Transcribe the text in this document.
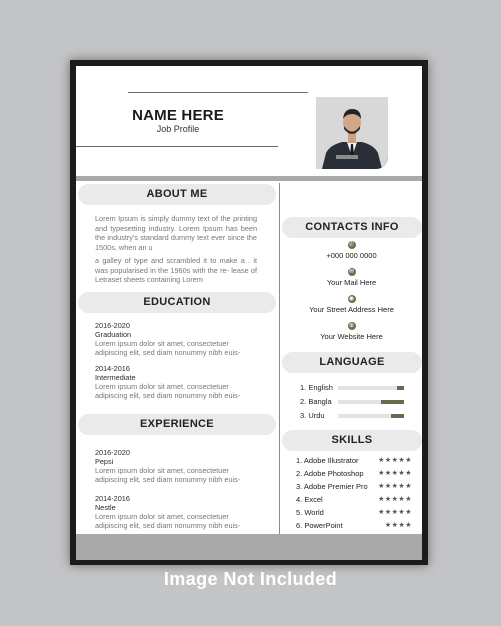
NAME HERE
Job Profile
ABOUT ME
Lorem Ipsum is simply dummy text of the printing and typesetting industry. Lorem Ipsum has been the industry's standard dummy text ever since the 1500s, when an u
a galley of type and scrambled it to make a . it was popularised in the 1960s with the re- lease of Letraset sheets containing Lorem
EDUCATION
2016-2020
Graduation
Lorem ipsum dolor sit amet, consectetuer adipiscing elit, sed diam nonummy nibh euis-
2014-2016
Intermediate
Lorem ipsum dolor sit amet, consectetuer adipiscing elit, sed diam nonummy nibh euis-
EXPERIENCE
2016-2020
Pepsi
Lorem ipsum dolor sit amet, consectetuer adipiscing elit, sed diam nonummy nibh euis-
2014-2016
Nestle
Lorem ipsum dolor sit amet, consectetuer adipiscing elit, sed diam nonummy nibh euis-
CONTACTS INFO
✆
+000 000 0000
✉
Your Mail Here
◉
Your Street Address Here
⊕
Your Website Here
LANGUAGE
1. English
2. Bangla
3. Urdu
SKILLS
1. Adobe Illustrator	★★★★★
2. Adobe Photoshop ★★★★★
3. Adobe Premier Pro ★★★★★
4. Excel	★★★★★
5. World	★★★★★
6. PowerPoint	★★★★
Image Not Included
